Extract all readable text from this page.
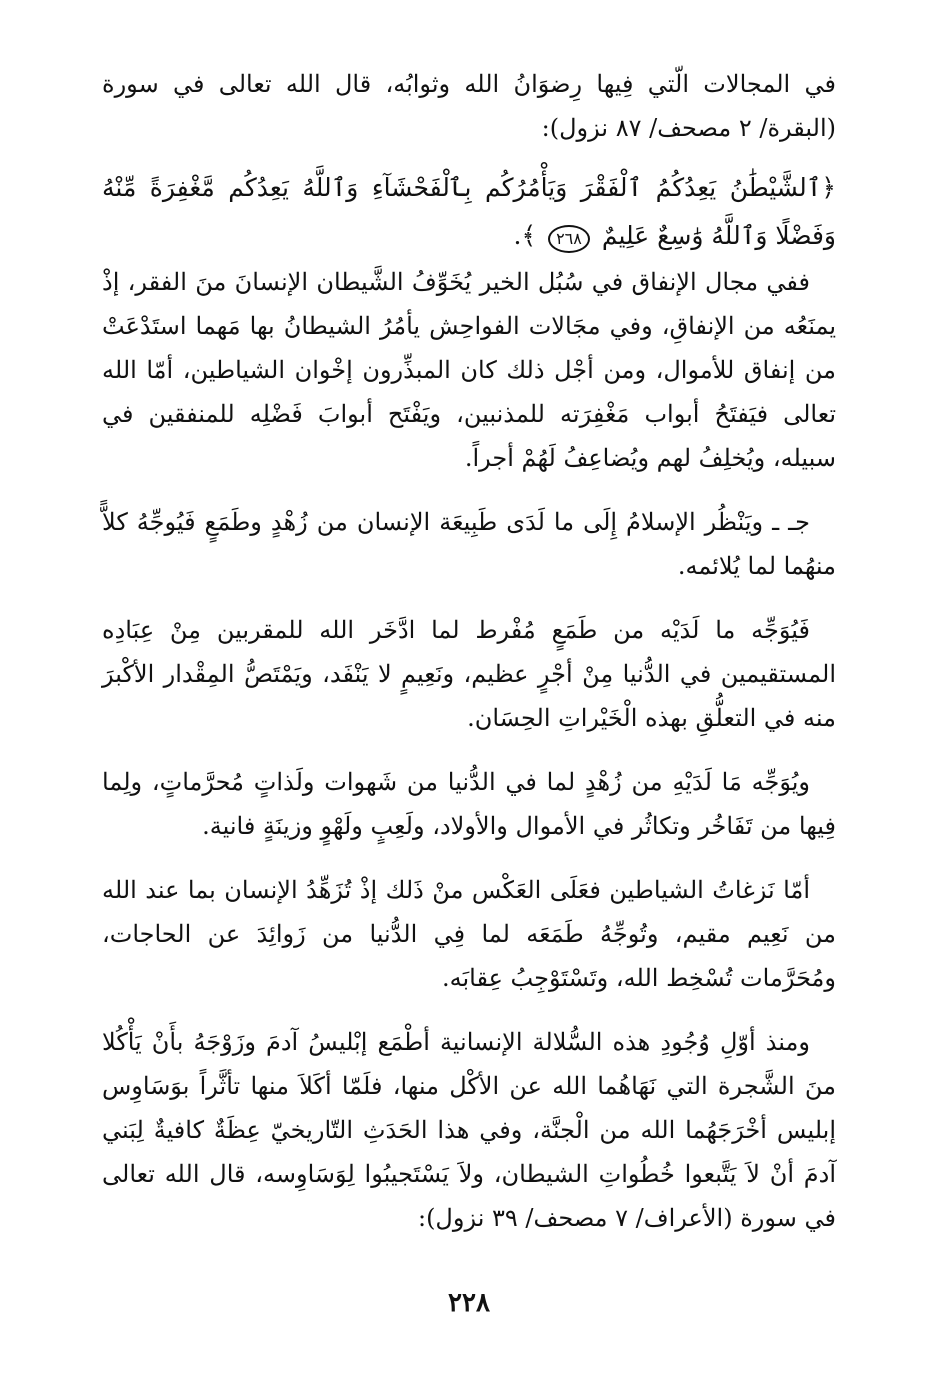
في المجالات الّتي فِيها رِضوَانُ الله وثوابُه، قال الله تعالى في سورة (البقرة/ ٢ مصحف/ ٨٧ نزول):

﴿ٱلشَّيْطَٰنُ يَعِدُكُمُ ٱلْفَقْرَ وَيَأْمُرُكُم بِٱلْفَحْشَآءِ وَٱللَّهُ يَعِدُكُم مَّغْفِرَةً مِّنْهُ وَفَضْلًا وَٱللَّهُ وَٰسِعٌ عَلِيمٌ ٢٦٨ ﴾.

ففي مجال الإنفاق في سُبُل الخير يُخَوِّفُ الشَّيطان الإنسانَ منَ الفقر، إذْ يمنَعُه من الإنفاقِ، وفي مجَالات الفواحِش يأمُرُ الشيطانُ بها مَهما استَدْعَتْ من إنفاق للأموال، ومن أجْل ذلك كان المبذِّرون إخْوان الشياطين، أمّا الله تعالى فيَفتَحُ أبواب مَغْفِرَته للمذنبين، ويَفْتَح أبوابَ فَضْلِه للمنفقين في سبيله، ويُخلِفُ لهم ويُضاعِفُ لَهُمْ أجراً.

جـ ـ ويَنْظُر الإسلامُ إِلَى ما لَدَى طَبِيعَة الإنسان من زُهْدٍ وطَمَعٍ فَيُوجِّهُ كلاًّ منهُما لما يُلائمه.

فَيُوَجِّه ما لَدَيْه من طَمَعٍ مُفْرط لما ادَّخَر الله للمقربين مِنْ عِبَادِه المستقيمين في الدُّنيا مِنْ أجْرٍ عظيم، ونَعِيمٍ لا يَنْفَد، ويَمْتَصُّ المِقْدار الأكْبرَ منه في التعلُّقِ بهذه الْخَيْراتِ الحِسَان.

ويُوَجِّه مَا لَدَيْهِ من زُهْدٍ لما في الدُّنيا من شَهوات ولَذاتٍ مُحرَّماتٍ، ولِما فِيها من تَفَاخُر وتكاثُر في الأموال والأولاد، ولَعِبٍ ولَهْوٍ وزينَةٍ فانية.

أمّا نَزغاتُ الشياطين فعَلَى العَكْس منْ ذَلك إذْ تُزَهِّدُ الإنسان بما عند الله من نَعِيم مقيم، وتُوجِّهُ طَمَعَه لما فِي الدُّنيا من زَوائِدَ عن الحاجات، ومُحَرَّمات تُسْخِط الله، وتَسْتَوْجِبُ عِقابَه.

ومنذ أوّلِ وُجُودِ هذه السُّلالة الإنسانية أطْمَع إبْليسُ آدمَ وزَوْجَهُ بأَنْ يَأْكُلا منَ الشَّجرة التي نَهَاهُما الله عن الأكْل منها، فلَمّا أكَلاَ منها تأثَّراً بوَسَاوِس إبليس أخْرَجَهُما الله من الْجنَّة، وفي هذا الحَدَثِ التّاريخيّ عِظَةٌ كافيةٌ لِبَني آدمَ أنْ لاَ يَتَّبعوا خُطُواتِ الشيطان، ولاَ يَسْتَجيبُوا لِوَسَاوِسه، قال الله تعالى في سورة (الأعراف/ ٧ مصحف/ ٣٩ نزول):

٢٢٨
